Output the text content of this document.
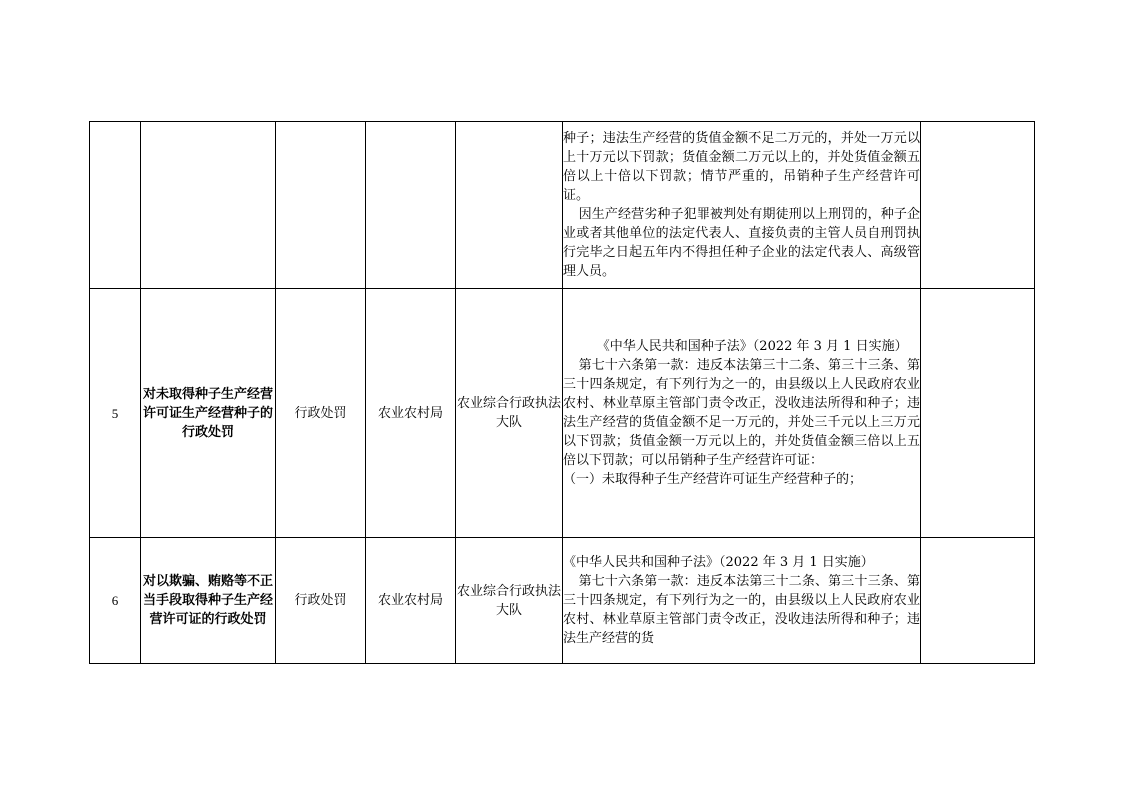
					种子；违法生产经营的货值金额不足二万元的，并处一万元以上十万元以下罚款；货值金额二万元以上的，并处货值金额五倍以上十倍以下罚款；情节严重的，吊销种子生产经营许可证。

因生产经营劣种子犯罪被判处有期徒刑以上刑罚的，种子企业或者其他单位的法定代表人、直接负责的主管人员自刑罚执行完毕之日起五年内不得担任种子企业的法定代表人、高级管理人员。	

5	对未取得种子生产经营许可证生产经营种子的行政处罚	行政处罚	农业农村局	农业综合行政执法大队	《中华人民共和国种子法》（2022 年 3 月 1 日实施）

第七十六条第一款：违反本法第三十二条、第三十三条、第三十四条规定，有下列行为之一的，由县级以上人民政府农业农村、林业草原主管部门责令改正，没收违法所得和种子；违法生产经营的货值金额不足一万元的，并处三千元以上三万元以下罚款；货值金额一万元以上的，并处货值金额三倍以上五倍以下罚款；可以吊销种子生产经营许可证：

（一）未取得种子生产经营许可证生产经营种子的；	

6	对以欺骗、贿赂等不正当手段取得种子生产经营许可证的行政处罚	行政处罚	农业农村局	农业综合行政执法大队	《中华人民共和国种子法》（2022 年 3 月 1 日实施）

第七十六条第一款：违反本法第三十二条、第三十三条、第三十四条规定，有下列行为之一的，由县级以上人民政府农业农村、林业草原主管部门责令改正，没收违法所得和种子；违法生产经营的货	
